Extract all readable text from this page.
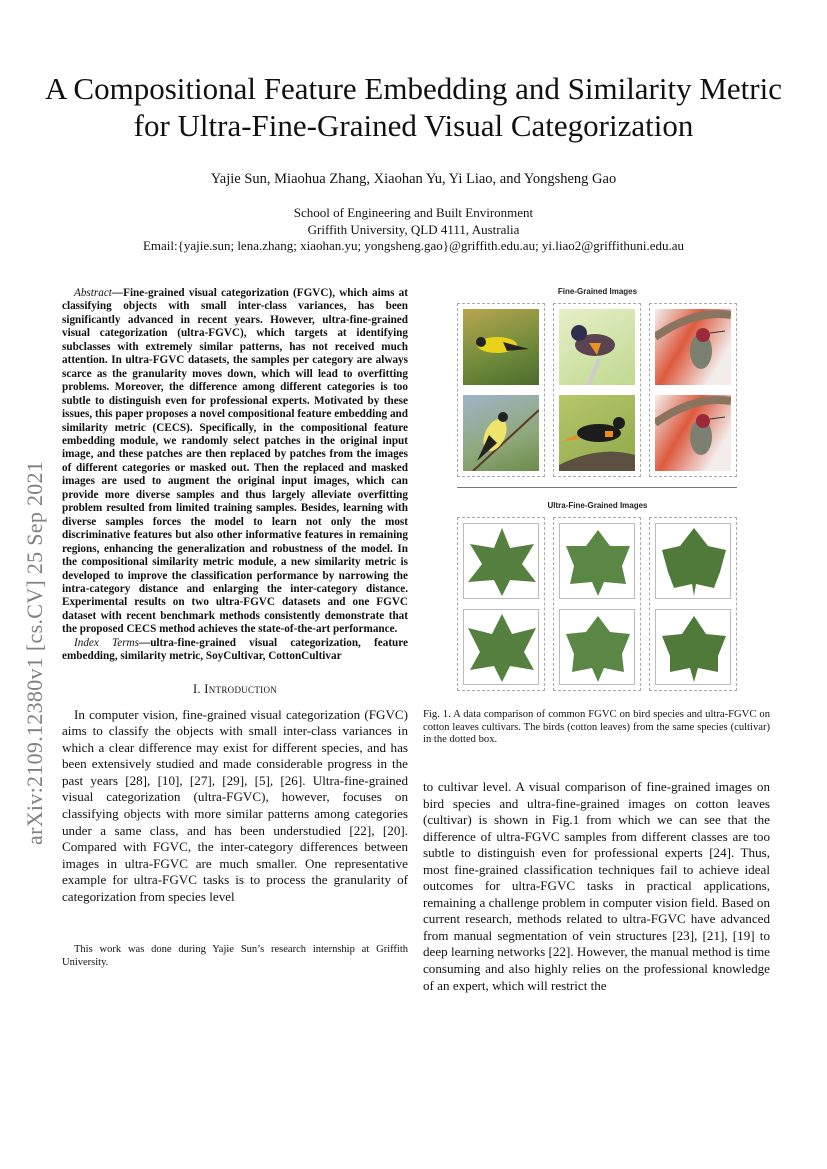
A Compositional Feature Embedding and Similarity Metric for Ultra-Fine-Grained Visual Categorization
Yajie Sun, Miaohua Zhang, Xiaohan Yu, Yi Liao, and Yongsheng Gao
School of Engineering and Built Environment
Griffith University, QLD 4111, Australia
Email:{yajie.sun; lena.zhang; xiaohan.yu; yongsheng.gao}@griffith.edu.au; yi.liao2@griffithuni.edu.au
arXiv:2109.12380v1 [cs.CV] 25 Sep 2021

Abstract—Fine-grained visual categorization (FGVC), which aims at classifying objects with small inter-class variances, has been significantly advanced in recent years. However, ultra-fine-grained visual categorization (ultra-FGVC), which targets at identifying subclasses with extremely similar patterns, has not received much attention. In ultra-FGVC datasets, the samples per category are always scarce as the granularity moves down, which will lead to overfitting problems. Moreover, the difference among different categories is too subtle to distinguish even for professional experts. Motivated by these issues, this paper proposes a novel compositional feature embedding and similarity metric (CECS). Specifically, in the compositional feature embedding module, we randomly select patches in the original input image, and these patches are then replaced by patches from the images of different categories or masked out. Then the replaced and masked images are used to augment the original input images, which can provide more diverse samples and thus largely alleviate overfitting problem resulted from limited training samples. Besides, learning with diverse samples forces the model to learn not only the most discriminative features but also other informative features in remaining regions, enhancing the generalization and robustness of the model. In the compositional similarity metric module, a new similarity metric is developed to improve the classification performance by narrowing the intra-category distance and enlarging the inter-category distance. Experimental results on two ultra-FGVC datasets and one FGVC dataset with recent benchmark methods consistently demonstrate that the proposed CECS method achieves the state-of-the-art performance.

Index Terms—ultra-fine-grained visual categorization, feature embedding, similarity metric, SoyCultivar, CottonCultivar

I. Introduction

In computer vision, fine-grained visual categorization (FGVC) aims to classify the objects with small inter-class variances in which a clear difference may exist for different species, and has been extensively studied and made considerable progress in the past years [28], [10], [27], [29], [5], [26]. Ultra-fine-grained visual categorization (ultra-FGVC), however, focuses on classifying objects with more similar patterns among categories under a same class, and has been understudied [22], [20]. Compared with FGVC, the inter-category differences between images in ultra-FGVC are much smaller. One representative example for ultra-FGVC tasks is to process the granularity of categorization from species level

This work was done during Yajie Sun’s research internship at Griffith University.
Fine-Grained Images
Ultra-Fine-Grained Images
Fig. 1. A data comparison of common FGVC on bird species and ultra-FGVC on cotton leaves cultivars. The birds (cotton leaves) from the same species (cultivar) in the dotted box.

to cultivar level. A visual comparison of fine-grained images on bird species and ultra-fine-grained images on cotton leaves (cultivar) is shown in Fig.1 from which we can see that the difference of ultra-FGVC samples from different classes are too subtle to distinguish even for professional experts [24]. Thus, most fine-grained classification techniques fail to achieve ideal outcomes for ultra-FGVC tasks in practical applications, remaining a challenge problem in computer vision field. Based on current research, methods related to ultra-FGVC have advanced from manual segmentation of vein structures [23], [21], [19] to deep learning networks [22]. However, the manual method is time consuming and also highly relies on the professional knowledge of an expert, which will restrict the
